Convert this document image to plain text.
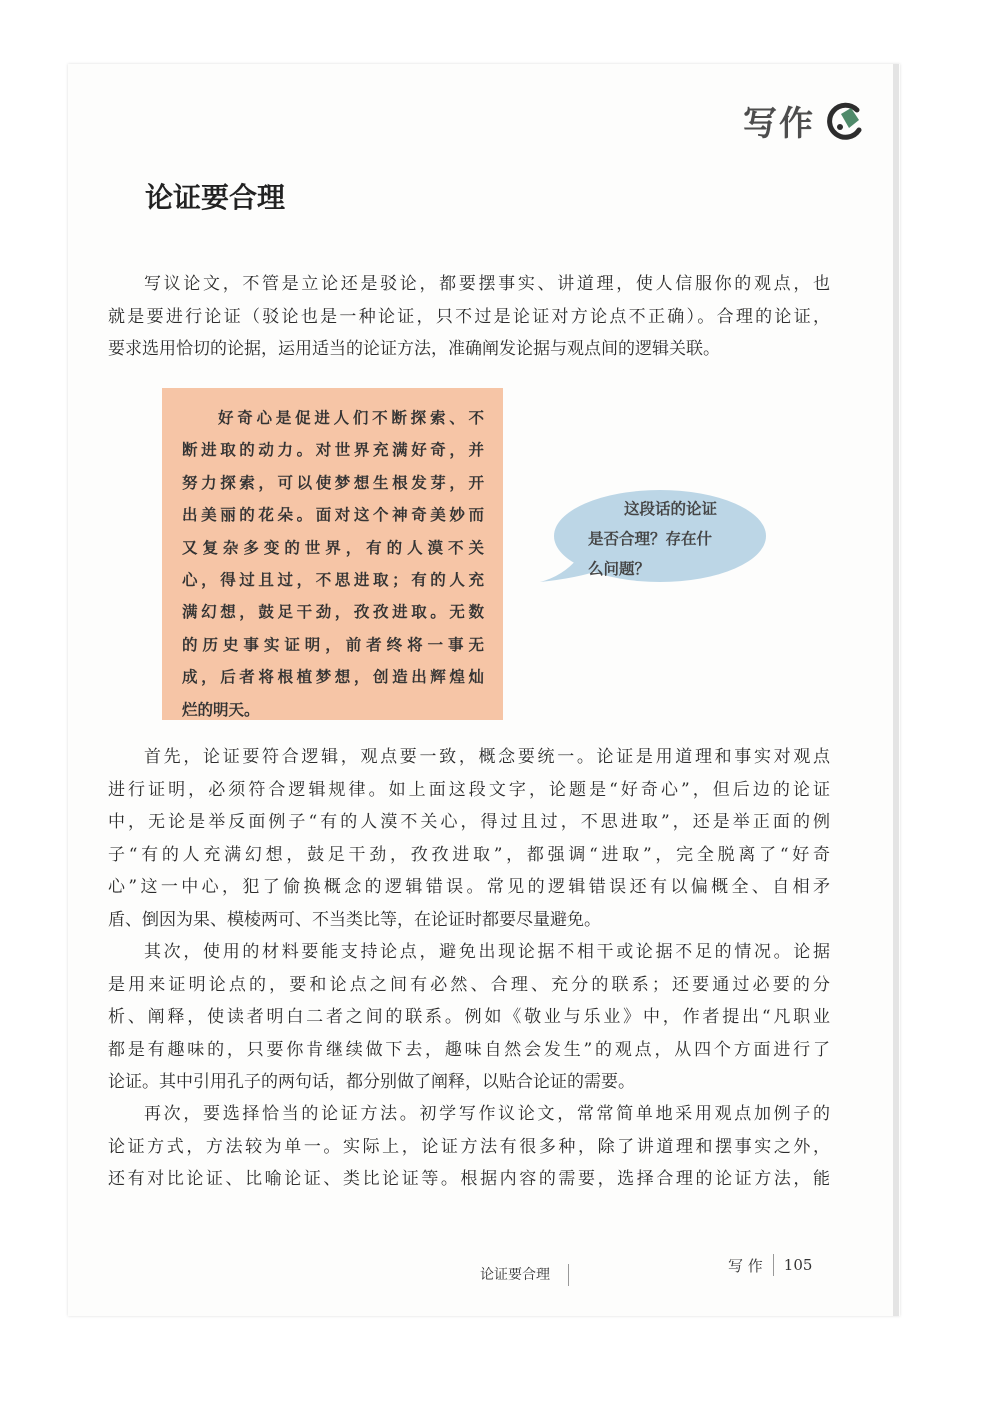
写作
论证要合理
写议论文，不管是立论还是驳论，都要摆事实、讲道理，使人信服你的观点，也
就是要进行论证（驳论也是一种论证，只不过是论证对方论点不正确）。合理的论证，
要求选用恰切的论据，运用适当的论证方法，准确阐发论据与观点间的逻辑关联。
好奇心是促进人们不断探索、不
断进取的动力。对世界充满好奇，并
努力探索，可以使梦想生根发芽，开
出美丽的花朵。面对这个神奇美妙而
又复杂多变的世界，有的人漠不关
心，得过且过，不思进取；有的人充
满幻想，鼓足干劲，孜孜进取。无数
的历史事实证明，前者终将一事无
成，后者将根植梦想，创造出辉煌灿
烂的明天。
这段话的论证
是否合理？存在什
么问题？
首先，论证要符合逻辑，观点要一致，概念要统一。论证是用道理和事实对观点
进行证明，必须符合逻辑规律。如上面这段文字，论题是“好奇心”，但后边的论证
中，无论是举反面例子“有的人漠不关心，得过且过，不思进取”，还是举正面的例
子“有的人充满幻想，鼓足干劲，孜孜进取”，都强调“进取”，完全脱离了“好奇
心”这一中心，犯了偷换概念的逻辑错误。常见的逻辑错误还有以偏概全、自相矛
盾、倒因为果、模棱两可、不当类比等，在论证时都要尽量避免。
其次，使用的材料要能支持论点，避免出现论据不相干或论据不足的情况。论据
是用来证明论点的，要和论点之间有必然、合理、充分的联系；还要通过必要的分
析、阐释，使读者明白二者之间的联系。例如《敬业与乐业》中，作者提出“凡职业
都是有趣味的，只要你肯继续做下去，趣味自然会发生”的观点，从四个方面进行了
论证。其中引用孔子的两句话，都分别做了阐释，以贴合论证的需要。
再次，要选择恰当的论证方法。初学写作议论文，常常简单地采用观点加例子的
论证方式，方法较为单一。实际上，论证方法有很多种，除了讲道理和摆事实之外，
还有对比论证、比喻论证、类比论证等。根据内容的需要，选择合理的论证方法，能
论证要合理
写 作 105
